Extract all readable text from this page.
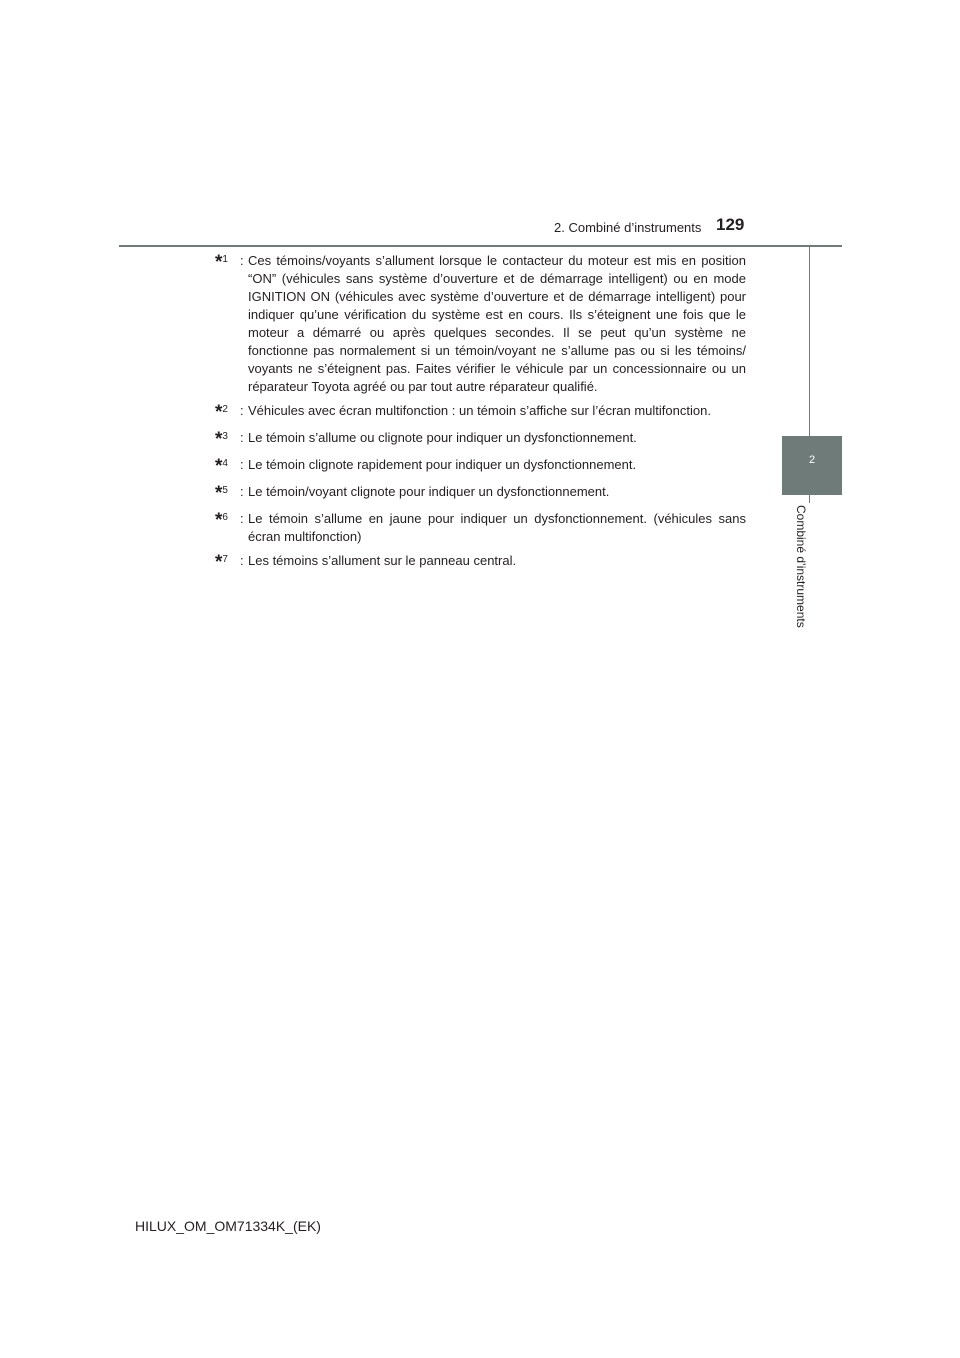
2. Combiné d’instruments 129
2
Combiné d’instruments
*$^1$ : Ces témoins/voyants s’allument lorsque le contacteur du moteur est mis en position “ON” (véhicules sans système d’ouverture et de démarrage intelligent) ou en mode IGNITION ON (véhicules avec système d’ouverture et de démarrage intelligent) pour indiquer qu’une vérification du système est en cours. Ils s’éteignent une fois que le moteur a démarré ou après quelques secondes. Il se peut qu’un système ne fonctionne pas normalement si un témoin/voyant ne s’allume pas ou si les témoins/ voyants ne s’éteignent pas. Faites vérifier le véhicule par un concessionnaire ou un réparateur Toyota agréé ou par tout autre réparateur qualifié.
*$^2$ : Véhicules avec écran multifonction : un témoin s’affiche sur l’écran multifonction.
*$^3$ : Le témoin s’allume ou clignote pour indiquer un dysfonctionnement.
*$^4$ : Le témoin clignote rapidement pour indiquer un dysfonctionnement.
*$^5$ : Le témoin/voyant clignote pour indiquer un dysfonctionnement.
*$^6$ : Le témoin s’allume en jaune pour indiquer un dysfonctionnement. (véhicules sans écran multifonction)
*$^7$ : Les témoins s’allument sur le panneau central.
HILUX_OM_OM71334K_(EK)
